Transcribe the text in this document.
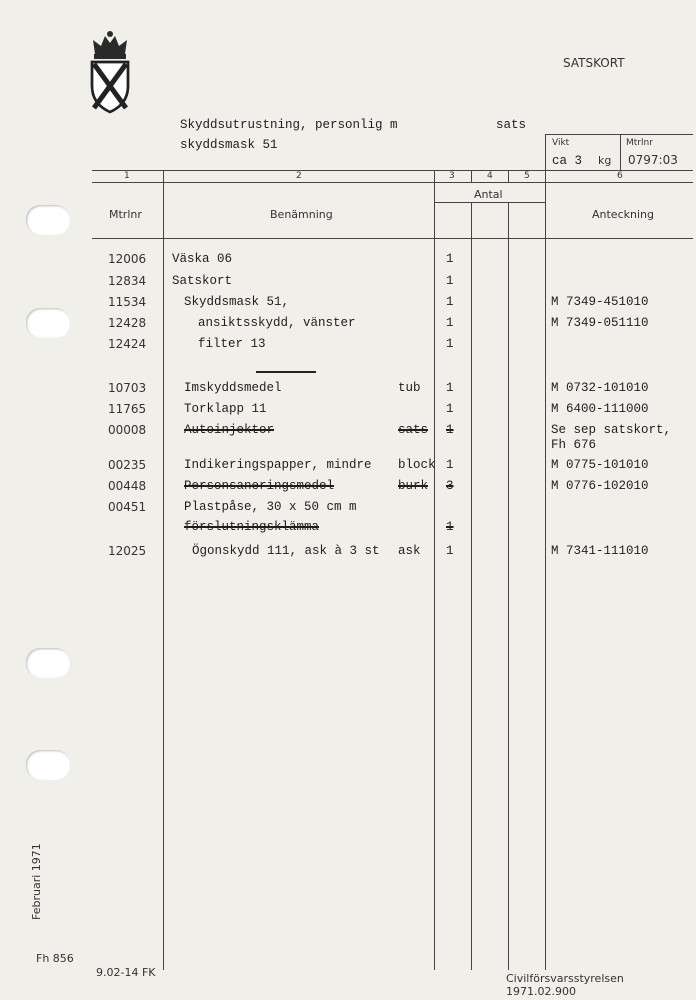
SATSKORT
Skyddsutrustning, personlig m	sats
skyddsmask 51	Vikt	Mtrlnr
ca 3 kg 0797:03
1	2	3	4	5	6
Antal
Mtrlnr	Benämning	Anteckning
12006 Väska 06	1
12834 Satskort	1
11534	Skyddsmask 51,	1	M 7349-451010
12428	ansiktsskydd, vänster	1	M 7349-051110
12424	filter 13	1
10703	Imskyddsmedel	tub 1	M 0732-101010
11765	Torklapp 11	1	M 6400-111000
00008	Autoinjektor	sats 1	Se sep satskort,
Fh 676
00235	Indikeringspapper, mindre block 1	M 0775-101010
00448	Personsaneringsmedel	burk 3	M 0776-102010
00451	Plastpåse, 30 x 50 cm m
förslutningsklämma	1
12025	Ögonskydd 111, ask à 3 st ask 1	M 7341-111010
Februari 1971
Fh 856
9.02-14 FK	Civilförsvarsstyrelsen 1971.02.900
